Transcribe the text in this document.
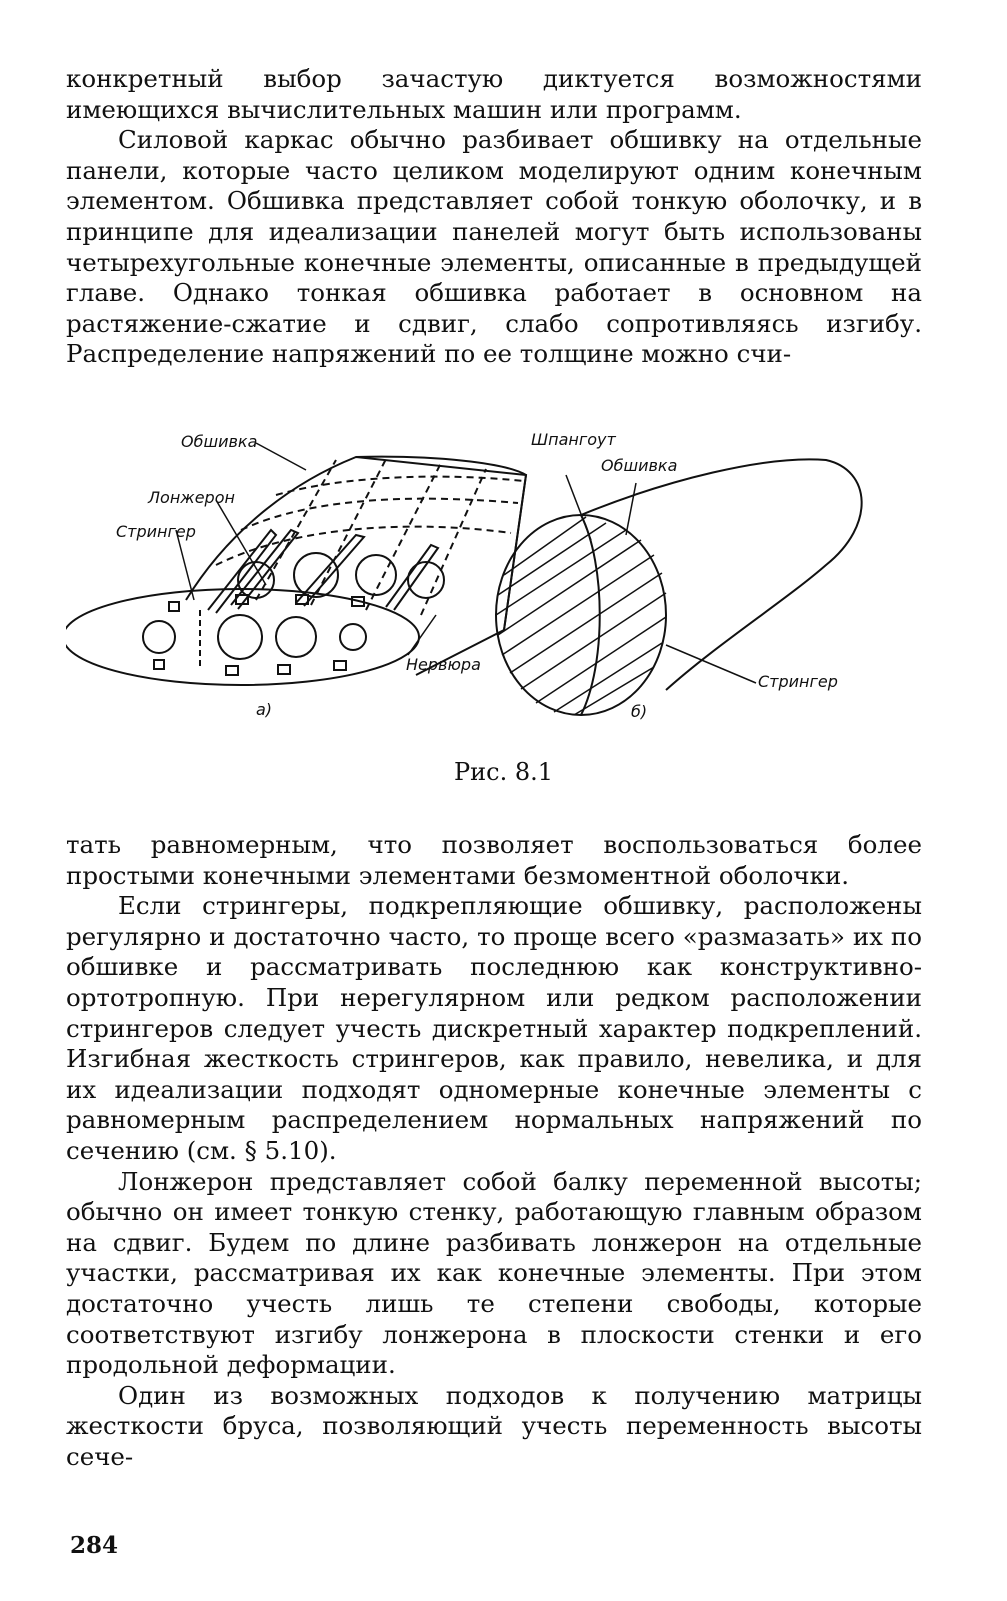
конкретный выбор зачастую диктуется возможностями имеющихся вычислительных машин или программ.

Силовой каркас обычно разбивает обшивку на отдельные панели, которые часто целиком моделируют одним конечным элементом. Обшивка представляет собой тонкую оболочку, и в принципе для идеализации панелей могут быть использованы четырехугольные конечные элементы, описанные в предыдущей главе. Однако тонкая обшивка работает в основном на растяжение-сжатие и сдвиг, слабо сопротивляясь изгибу. Распределение напряжений по ее толщине можно счи-

Обшивка
Лонжерон
Стрингер
Нервюра
а)
Шпангоут
Обшивка
Стрингер
б)
Рис. 8.1

тать равномерным, что позволяет воспользоваться более простыми конечными элементами безмоментной оболочки.

Если стрингеры, подкрепляющие обшивку, расположены регулярно и достаточно часто, то проще всего «размазать» их по обшивке и рассматривать последнюю как конструктивно-ортотропную. При нерегулярном или редком расположении стрингеров следует учесть дискретный характер подкреплений. Изгибная жесткость стрингеров, как правило, невелика, и для их идеализации подходят одномерные конечные элементы с равномерным распределением нормальных напряжений по сечению (см. § 5.10).

Лонжерон представляет собой балку переменной высоты; обычно он имеет тонкую стенку, работающую главным образом на сдвиг. Будем по длине разбивать лонжерон на отдельные участки, рассматривая их как конечные элементы. При этом достаточно учесть лишь те степени свободы, которые соответствуют изгибу лонжерона в плоскости стенки и его продольной деформации.

Один из возможных подходов к получению матрицы жесткости бруса, позволяющий учесть переменность высоты сече-

284
